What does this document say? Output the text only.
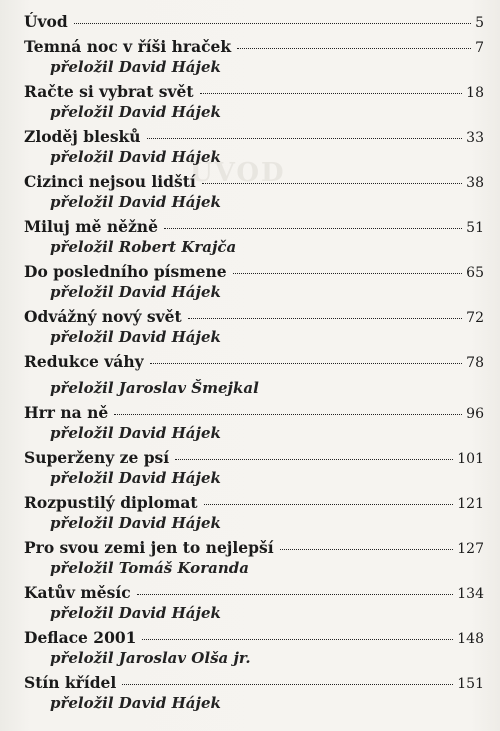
ÚVOD
Úvod	5
Temná noc v říši hraček	7
přeložil David Hájek
Račte si vybrat svět	18
přeložil David Hájek
Zloděj blesků	33
přeložil David Hájek
Cizinci nejsou lidští	38
přeložil David Hájek
Miluj mě něžně	51
přeložil Robert Krajča
Do posledního písmene	65
přeložil David Hájek
Odvážný nový svět	72
přeložil David Hájek
Redukce váhy	78
přeložil Jaroslav Šmejkal
Hrr na ně	96
přeložil David Hájek
Superženy ze psí	101
přeložil David Hájek
Rozpustilý diplomat	121
přeložil David Hájek
Pro svou zemi jen to nejlepší	127
přeložil Tomáš Koranda
Katův měsíc	134
přeložil David Hájek
Deflace 2001	148
přeložil Jaroslav Olša jr.
Stín křídel	151
přeložil David Hájek
